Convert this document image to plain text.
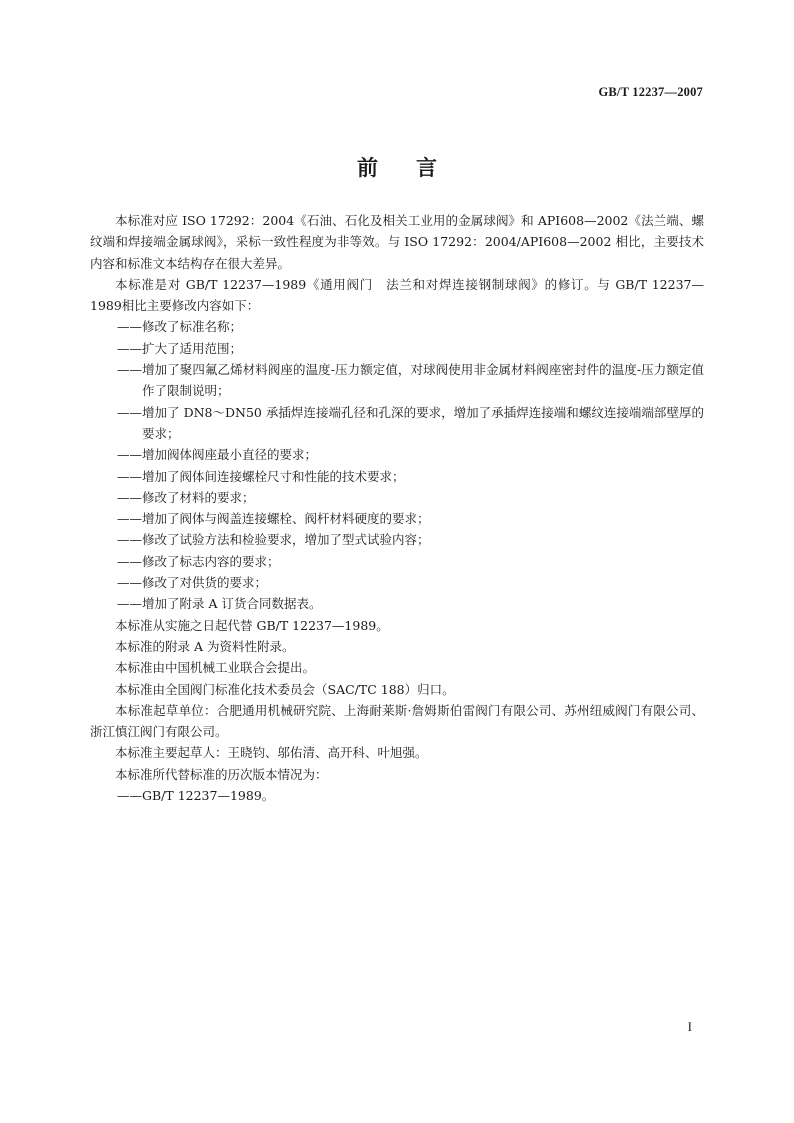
GB/T 12237—2007
前言

本标准对应 ISO 17292：2004《石油、石化及相关工业用的金属球阀》和 API608—2002《法兰端、螺纹端和焊接端金属球阀》，采标一致性程度为非等效。与 ISO 17292：2004/API608—2002 相比，主要技术内容和标准文本结构存在很大差异。

本标准是对 GB/T 12237—1989《通用阀门　法兰和对焊连接钢制球阀》的修订。与 GB/T 12237—1989相比主要修改内容如下：

——修改了标准名称；

——扩大了适用范围；

——增加了聚四氟乙烯材料阀座的温度-压力额定值，对球阀使用非金属材料阀座密封件的温度-压力额定值作了限制说明；

——增加了 DN8～DN50 承插焊连接端孔径和孔深的要求，增加了承插焊连接端和螺纹连接端端部壁厚的要求；

——增加阀体阀座最小直径的要求；

——增加了阀体间连接螺栓尺寸和性能的技术要求；

——修改了材料的要求；

——增加了阀体与阀盖连接螺栓、阀杆材料硬度的要求；

——修改了试验方法和检验要求，增加了型式试验内容；

——修改了标志内容的要求；

——修改了对供货的要求；

——增加了附录 A 订货合同数据表。

本标准从实施之日起代替 GB/T 12237—1989。

本标准的附录 A 为资料性附录。

本标准由中国机械工业联合会提出。

本标准由全国阀门标准化技术委员会（SAC/TC 188）归口。

本标准起草单位：合肥通用机械研究院、上海耐莱斯·詹姆斯伯雷阀门有限公司、苏州纽威阀门有限公司、浙江慎江阀门有限公司。

本标准主要起草人：王晓钧、邬佑清、高开科、叶旭强。

本标准所代替标准的历次版本情况为：

——GB/T 12237—1989。

I
